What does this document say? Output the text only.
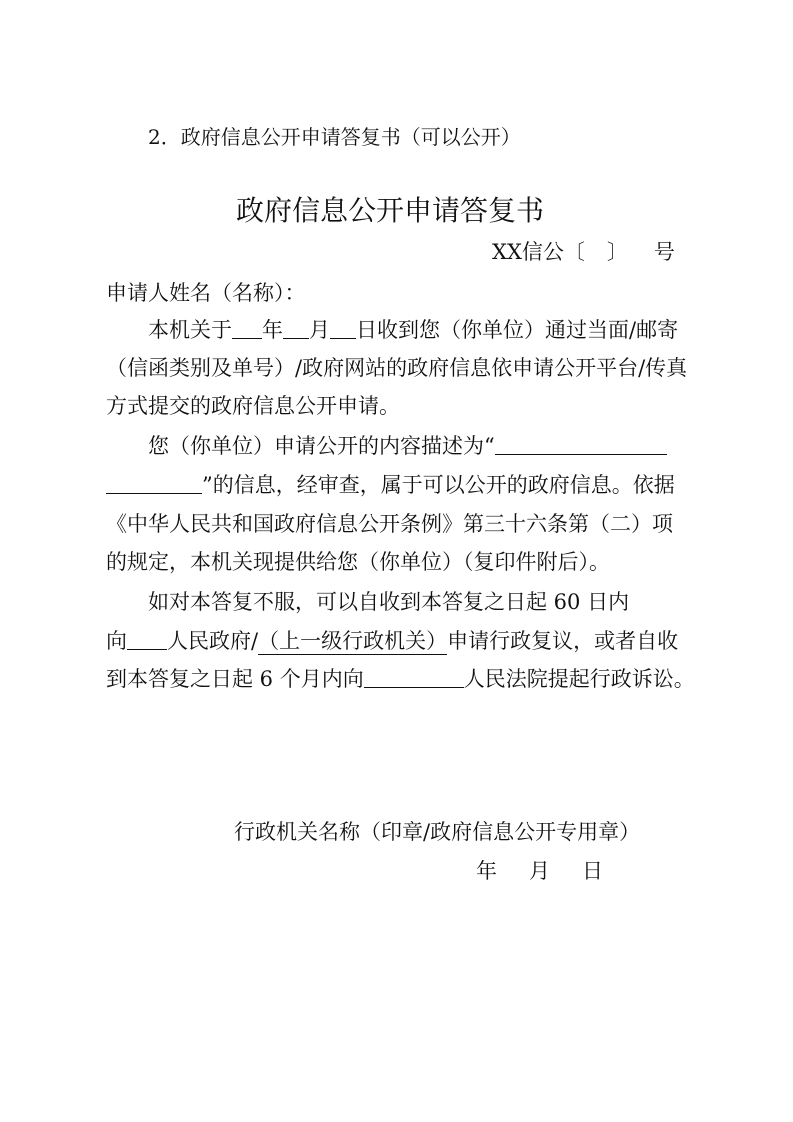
2．政府信息公开申请答复书（可以公开）
政府信息公开申请答复书
XX信公〔 〕 号
申请人姓名（名称）：
本机关于 年 月 日收到您（你单位）通过当面/邮寄
（信函类别及单号）/政府网站的政府信息依申请公开平台/传真
方式提交的政府信息公开申请。
您（你单位）申请公开的内容描述为“
”的信息，经审查，属于可以公开的政府信息。依据
《中华人民共和国政府信息公开条例》第三十六条第（二）项
的规定，本机关现提供给您（你单位）（复印件附后）。
如对本答复不服，可以自收到本答复之日起 60 日内
向 人民政府/（上一级行政机关）申请行政复议，或者自收
到本答复之日起 6 个月内向	人民法院提起行政诉讼。
行政机关名称（印章/政府信息公开专用章）
年 月 日
